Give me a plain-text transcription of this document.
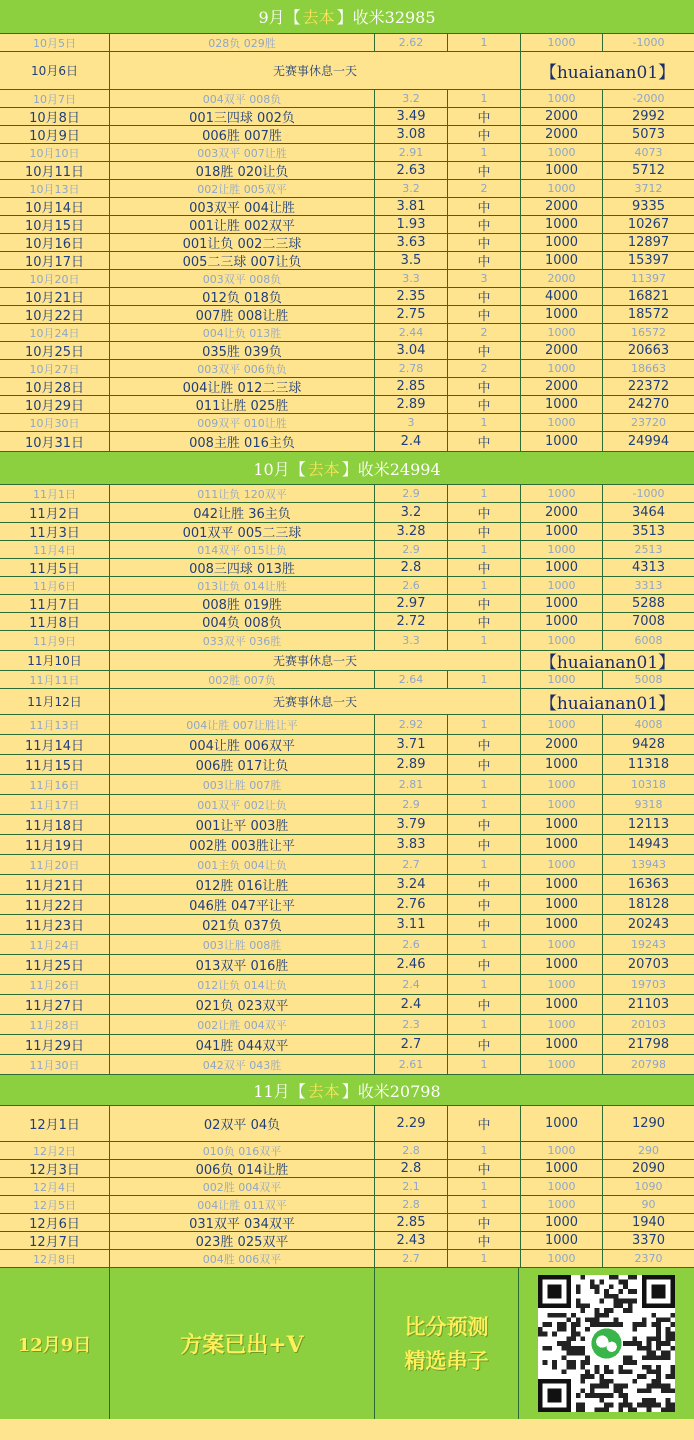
9月【 去本 】收米32985
10月5日	028负 029胜	2.62	1	1000	-1000
10月6日	无赛事休息一天	【huaianan01】
10月7日	004双平 008负	3.2	1	1000	-2000
10月8日	001三四球 002负	3.49	中	2000	2992
10月9日	006胜 007胜	3.08	中	2000	5073
10月10日	003双平 007让胜	2.91	1	1000	4073
10月11日	018胜 020让负	2.63	中	1000	5712
10月13日	002让胜 005双平	3.2	2	1000	3712
10月14日	003双平 004让胜	3.81	中	2000	9335
10月15日	001让胜 002双平	1.93	中	1000	10267
10月16日	001让负 002二三球	3.63	中	1000	12897
10月17日	005二三球 007让负	3.5	中	1000	15397
10月20日	003双平 008负	3.3	3	2000	11397
10月21日	012负 018负	2.35	中	4000	16821
10月22日	007胜 008让胜	2.75	中	1000	18572
10月24日	004让负 013胜	2.44	2	1000	16572
10月25日	035胜 039负	3.04	中	2000	20663
10月27日	003双平 006负负	2.78	2	1000	18663
10月28日	004让胜 012二三球	2.85	中	2000	22372
10月29日	011让胜 025胜	2.89	中	1000	24270
10月30日	009双平 010让胜	3	1	1000	23720
10月31日	008主胜 016主负	2.4	中	1000	24994
10月【 去本 】收米24994
11月1日	011让负 120双平	2.9	1	1000	-1000
11月2日	042让胜 36主负	3.2	中	2000	3464
11月3日	001双平 005二三球	3.28	中	1000	3513
11月4日	014双平 015让负	2.9	1	1000	2513
11月5日	008三四球 013胜	2.8	中	1000	4313
11月6日	013让负 014让胜	2.6	1	1000	3313
11月7日	008胜 019胜	2.97	中	1000	5288
11月8日	004负 008负	2.72	中	1000	7008
11月9日	033双平 036胜	3.3	1	1000	6008
11月10日	无赛事休息一天	【huaianan01】
11月11日	002胜 007负	2.64	1	1000	5008
11月12日	无赛事休息一天	【huaianan01】
11月13日	004让胜 007让胜让平	2.92	1	1000	4008
11月14日	004让胜 006双平	3.71	中	2000	9428
11月15日	006胜 017让负	2.89	中	1000	11318
11月16日	003让胜 007胜	2.81	1	1000	10318
11月17日	001双平 002让负	2.9	1	1000	9318
11月18日	001让平 003胜	3.79	中	1000	12113
11月19日	002胜 003胜让平	3.83	中	1000	14943
11月20日	001主负 004让负	2.7	1	1000	13943
11月21日	012胜 016让胜	3.24	中	1000	16363
11月22日	046胜 047平让平	2.76	中	1000	18128
11月23日	021负 037负	3.11	中	1000	20243
11月24日	003让胜 008胜	2.6	1	1000	19243
11月25日	013双平 016胜	2.46	中	1000	20703
11月26日	012让负 014让负	2.4	1	1000	19703
11月27日	021负 023双平	2.4	中	1000	21103
11月28日	002让胜 004双平	2.3	1	1000	20103
11月29日	041胜 044双平	2.7	中	1000	21798
11月30日	042双平 043胜	2.61	1	1000	20798
11月【 去本 】收米20798
12月1日	02双平 04负	2.29	中	1000	1290
12月2日	010负 016双平	2.8	1	1000	290
12月3日	006负 014让胜	2.8	中	1000	2090
12月4日	002胜 004双平	2.1	1	1000	1090
12月5日	004让胜 011双平	2.8	1	1000	90
12月6日	031双平 034双平	2.85	中	1000	1940
12月7日	023胜 025双平	2.43	中	1000	3370
12月8日	004胜 006双平	2.7	1	1000	2370
12月9日	方案已出+V
比分预测
精选串子
